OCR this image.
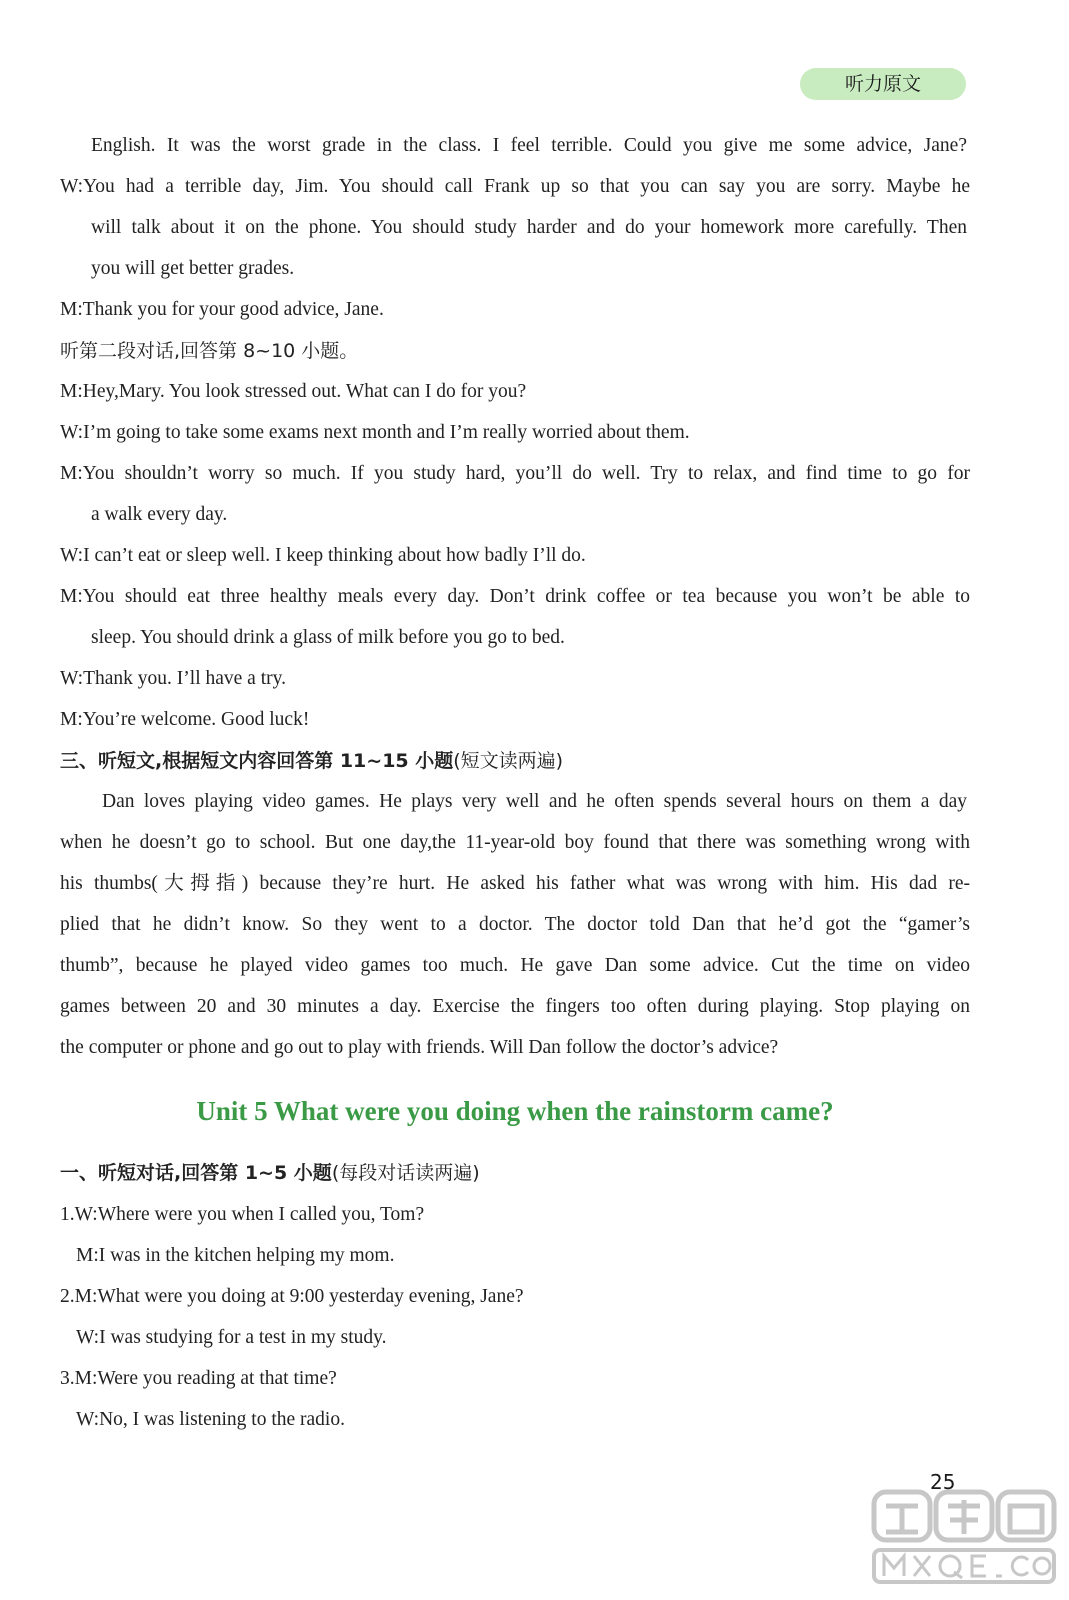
听力原文
English. It was the worst grade in the class. I feel terrible. Could you give me some advice, Jane?
W:You had a terrible day, Jim. You should call Frank up so that you can say you are sorry. Maybe he
will talk about it on the phone. You should study harder and do your homework more carefully. Then
you will get better grades.
M:Thank you for your good advice, Jane.
听第二段对话,回答第 8~10 小题。
M:Hey,Mary. You look stressed out. What can I do for you?
W:I’m going to take some exams next month and I’m really worried about them.
M:You shouldn’t worry so much. If you study hard, you’ll do well. Try to relax, and find time to go for
a walk every day.
W:I can’t eat or sleep well. I keep thinking about how badly I’ll do.
M:You should eat three healthy meals every day. Don’t drink coffee or tea because you won’t be able to
sleep. You should drink a glass of milk before you go to bed.
W:Thank you. I’ll have a try.
M:You’re welcome. Good luck!
三、听短文,根据短文内容回答第 11~15 小题(短文读两遍)
Dan loves playing video games. He plays very well and he often spends several hours on them a day
when he doesn’t go to school. But one day,the 11-year-old boy found that there was something wrong with
his thumbs(大拇指) because they’re hurt. He asked his father what was wrong with him. His dad re-
plied that he didn’t know. So they went to a doctor. The doctor told Dan that he’d got the “gamer’s
thumb”, because he played video games too much. He gave Dan some advice. Cut the time on video
games between 20 and 30 minutes a day. Exercise the fingers too often during playing. Stop playing on
the computer or phone and go out to play with friends. Will Dan follow the doctor’s advice?
Unit 5 What were you doing when the rainstorm came?
一、听短对话,回答第 1~5 小题(每段对话读两遍)
1.W:Where were you when I called you, Tom?
M:I was in the kitchen helping my mom.
2.M:What were you doing at 9:00 yesterday evening, Jane?
W:I was studying for a test in my study.
3.M:Were you reading at that time?
W:No, I was listening to the radio.
25
